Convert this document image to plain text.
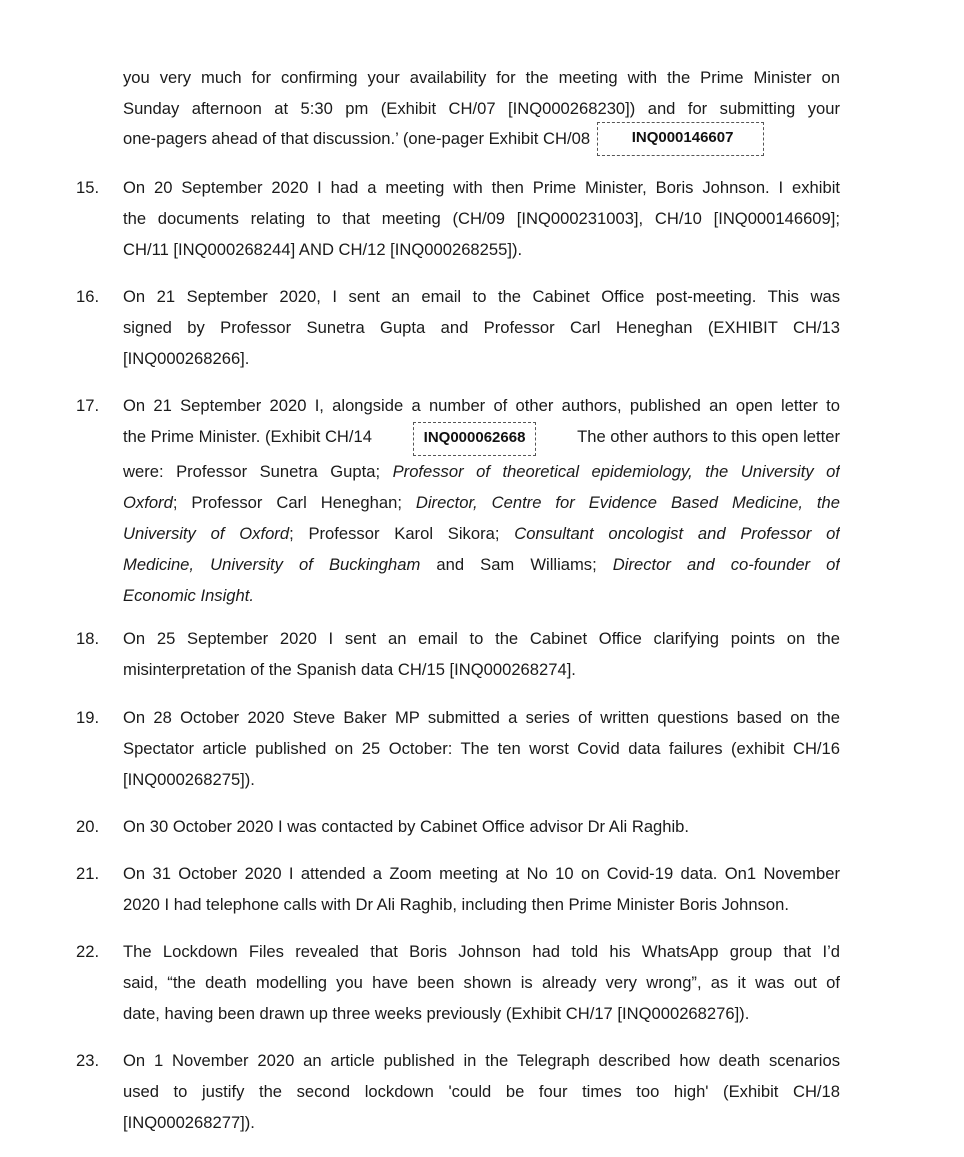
you very much for confirming your availability for the meeting with the Prime Minister on
Sunday afternoon at 5:30 pm (Exhibit CH/07 [INQ000268230]) and for submitting your
one-pagers ahead of that discussion.’ (one-pager Exhibit CH/08	INQ000146607
15.	On 20 September 2020 I had a meeting with then Prime Minister, Boris Johnson. I exhibit
the documents relating to that meeting (CH/09 [INQ000231003], CH/10 [INQ000146609];
CH/11 [INQ000268244] AND CH/12 [INQ000268255]).
16.	On 21 September 2020, I sent an email to the Cabinet Office post-meeting. This was
signed by Professor Sunetra Gupta and Professor Carl Heneghan (EXHIBIT CH/13
[INQ000268266].
17.	On 21 September 2020 I, alongside a number of other authors, published an open letter to
the Prime Minister. (Exhibit CH/14	INQ000062668	The other authors to this open letter
were: Professor Sunetra Gupta; Professor of theoretical epidemiology, the University of
Oxford; Professor Carl Heneghan; Director, Centre for Evidence Based Medicine, the
University of Oxford; Professor Karol Sikora; Consultant oncologist and Professor of
Medicine, University of Buckingham and Sam Williams; Director and co-founder of
Economic Insight.
18.	On 25 September 2020 I sent an email to the Cabinet Office clarifying points on the
misinterpretation of the Spanish data CH/15 [INQ000268274].
19.	On 28 October 2020 Steve Baker MP submitted a series of written questions based on the
Spectator article published on 25 October: The ten worst Covid data failures (exhibit CH/16
[INQ000268275]).
20.	On 30 October 2020 I was contacted by Cabinet Office advisor Dr Ali Raghib.
21.	On 31 October 2020 I attended a Zoom meeting at No 10 on Covid-19 data. On1 November
2020 I had telephone calls with Dr Ali Raghib, including then Prime Minister Boris Johnson.
22.	The Lockdown Files revealed that Boris Johnson had told his WhatsApp group that I’d
said, “the death modelling you have been shown is already very wrong”, as it was out of
date, having been drawn up three weeks previously (Exhibit CH/17 [INQ000268276]).
23.	On 1 November 2020 an article published in the Telegraph described how death scenarios
used to justify the second lockdown 'could be four times too high' (Exhibit CH/18
[INQ000268277]).
